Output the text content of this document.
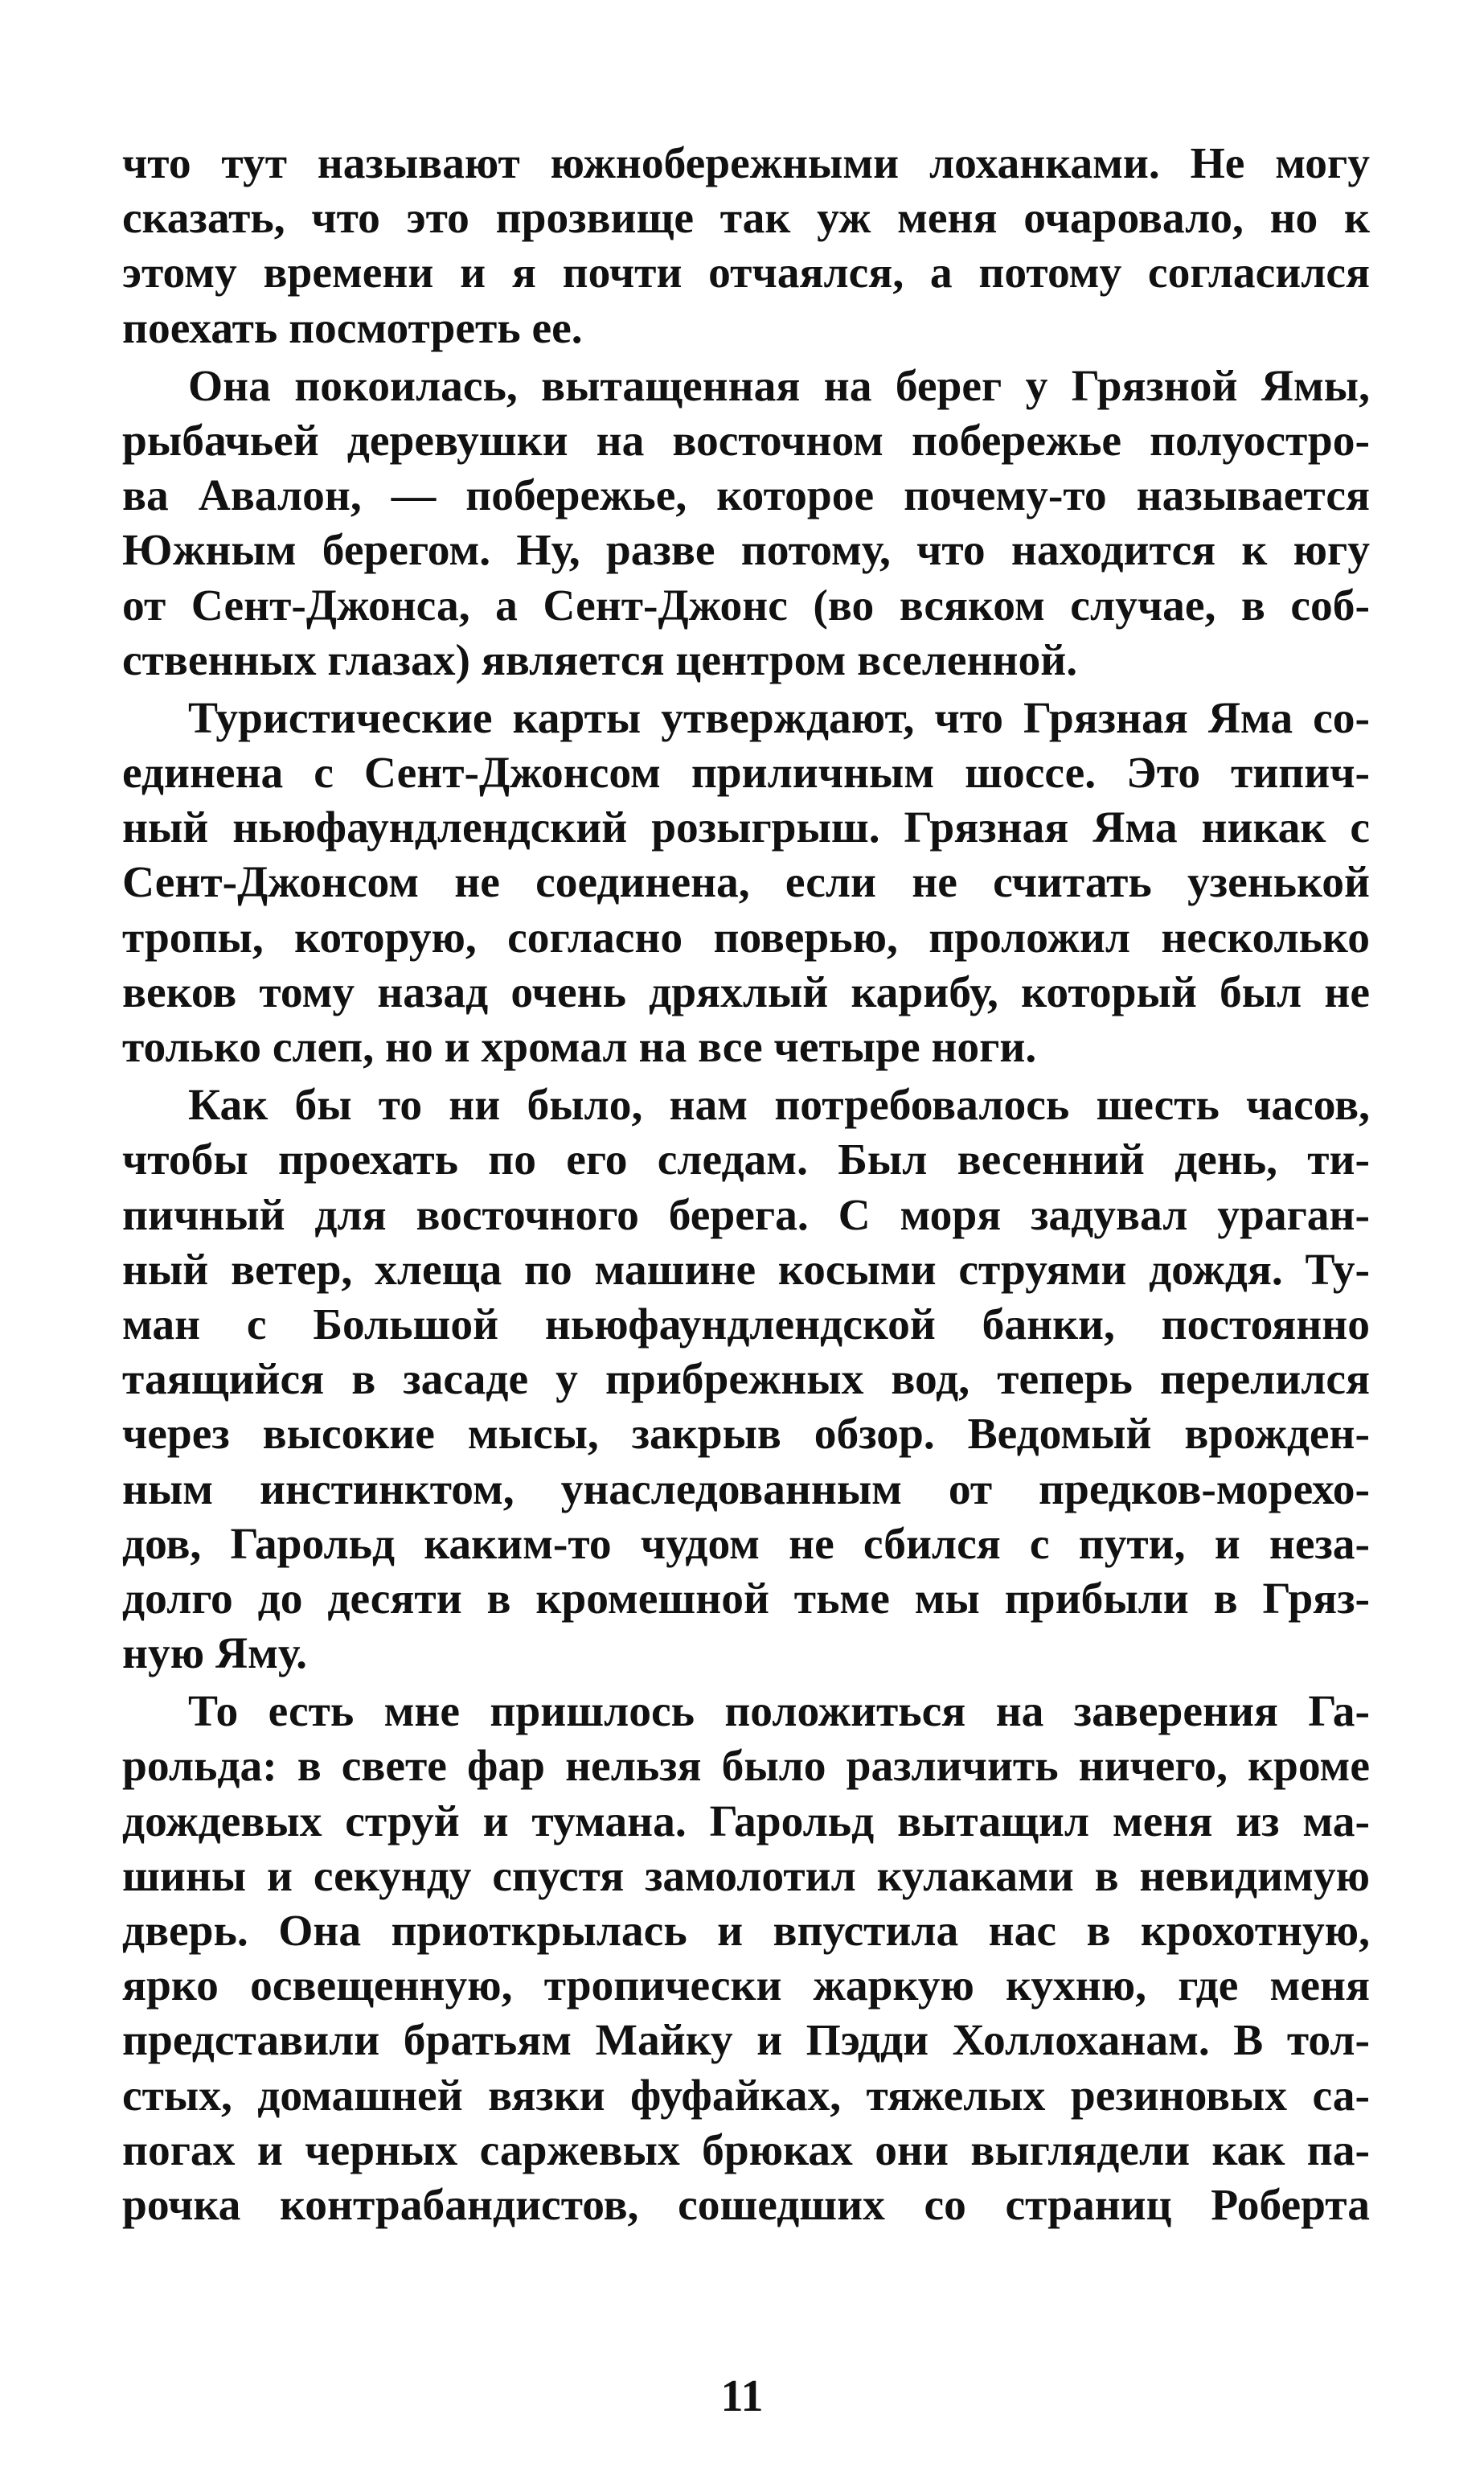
что тут называют южнобережными лоханками. Не могу
сказать, что это прозвище так уж меня очаровало, но к
этому времени и я почти отчаялся, а потому согласился
поехать посмотреть ее.
Она покоилась, вытащенная на берег у Грязной Ямы,
рыбачьей деревушки на восточном побережье полуостро-
ва Авалон, — побережье, которое почему-то называется
Южным берегом. Ну, разве потому, что находится к югу
от Сент-Джонса, а Сент-Джонс (во всяком случае, в соб-
ственных глазах) является центром вселенной.
Туристические карты утверждают, что Грязная Яма со-
единена с Сент-Джонсом приличным шоссе. Это типич-
ный ньюфаундлендский розыгрыш. Грязная Яма никак с
Сент-Джонсом не соединена, если не считать узенькой
тропы, которую, согласно поверью, проложил несколько
веков тому назад очень дряхлый карибу, который был не
только слеп, но и хромал на все четыре ноги.
Как бы то ни было, нам потребовалось шесть часов,
чтобы проехать по его следам. Был весенний день, ти-
пичный для восточного берега. С моря задувал ураган-
ный ветер, хлеща по машине косыми струями дождя. Ту-
ман с Большой ньюфаундлендской банки, постоянно
таящийся в засаде у прибрежных вод, теперь перелился
через высокие мысы, закрыв обзор. Ведомый врожден-
ным инстинктом, унаследованным от предков-морехо-
дов, Гарольд каким-то чудом не сбился с пути, и неза-
долго до десяти в кромешной тьме мы прибыли в Гряз-
ную Яму.
То есть мне пришлось положиться на заверения Га-
рольда: в свете фар нельзя было различить ничего, кроме
дождевых струй и тумана. Гарольд вытащил меня из ма-
шины и секунду спустя замолотил кулаками в невидимую
дверь. Она приоткрылась и впустила нас в крохотную,
ярко освещенную, тропически жаркую кухню, где меня
представили братьям Майку и Пэдди Холлоханам. В тол-
стых, домашней вязки фуфайках, тяжелых резиновых са-
погах и черных саржевых брюках они выглядели как па-
рочка контрабандистов, сошедших со страниц Роберта
11
